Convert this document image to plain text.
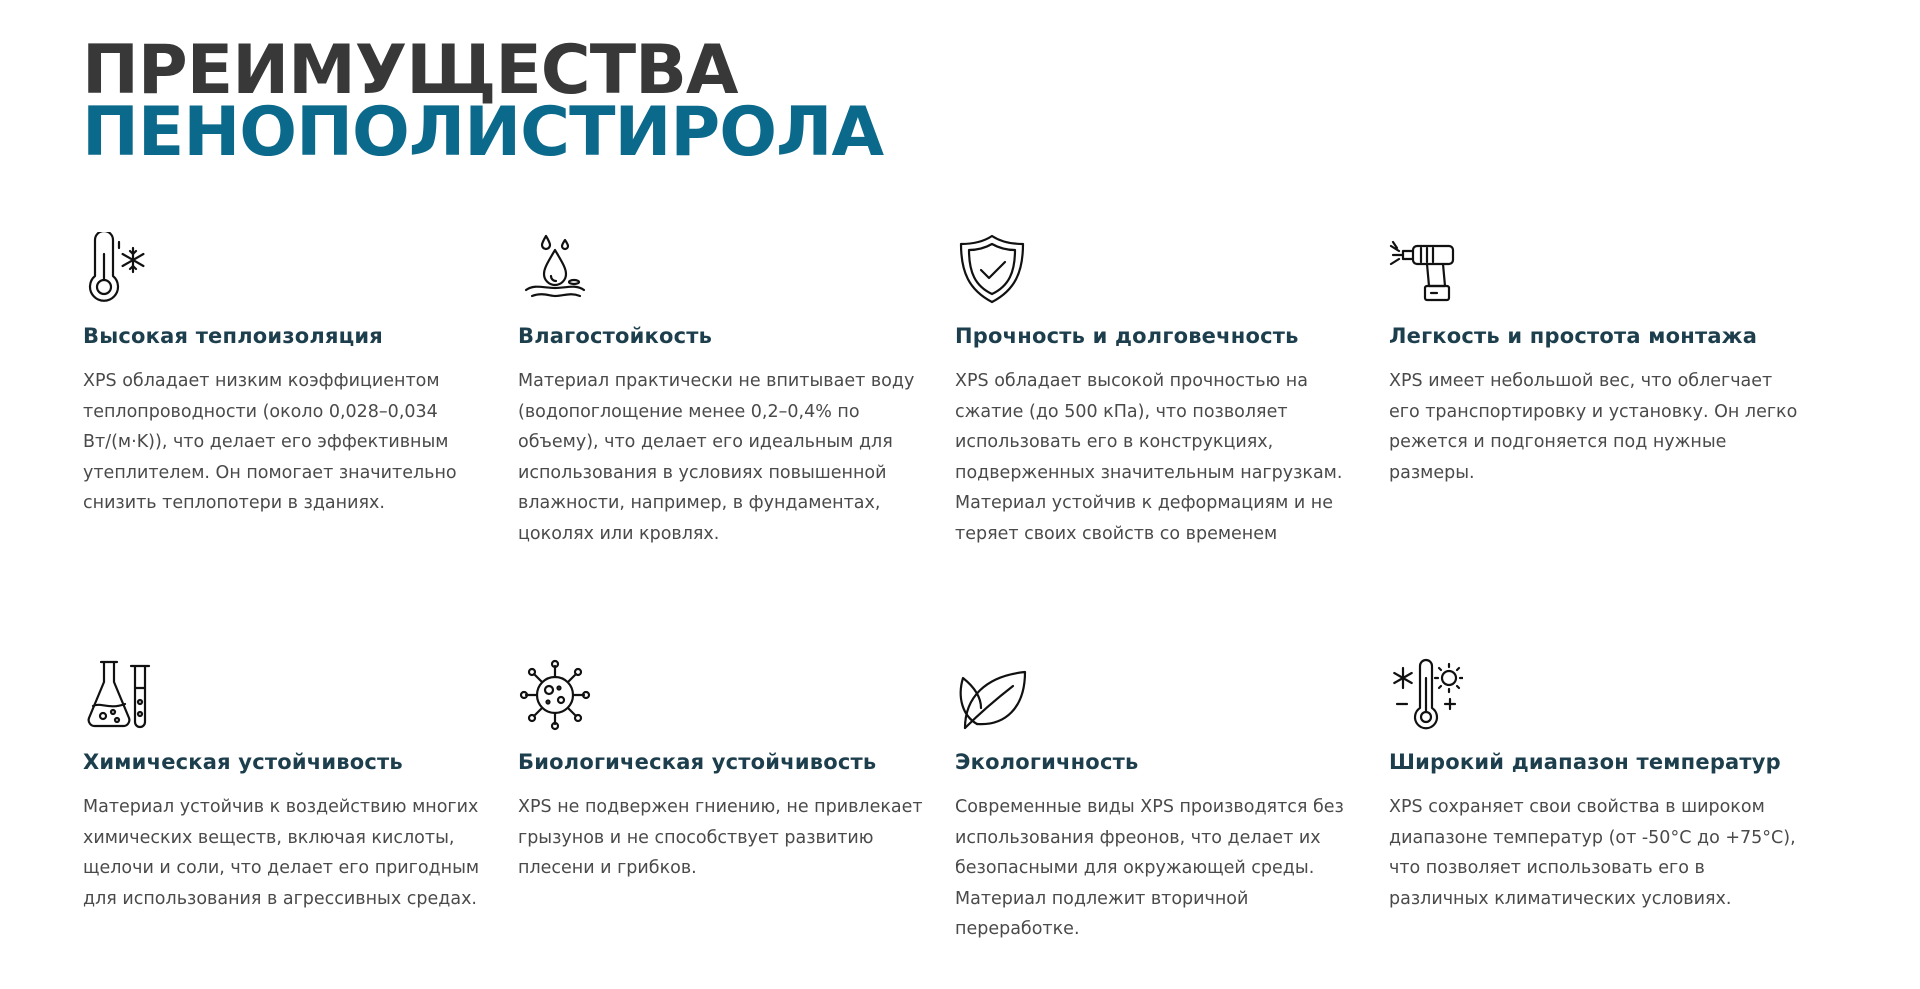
ПРЕИМУЩЕСТВА
ПЕНОПОЛИСТИРОЛА
Высокая теплоизоляция

XPS обладает низким коэффициентом теплопроводности (около 0,028–0,034 Вт/(м·K)), что делает его эффективным утеплителем. Он помогает значительно снизить теплопотери в зданиях.

Влагостойкость

Материал практически не впитывает воду (водопоглощение менее 0,2–0,4% по объему), что делает его идеальным для использования в условиях повышенной влажности, например, в фундаментах, цоколях или кровлях.

Прочность и долговечность

XPS обладает высокой прочностью на сжатие (до 500 кПа), что позволяет использовать его в конструкциях, подверженных значительным нагрузкам. Материал устойчив к деформациям и не теряет своих свойств со временем

Легкость и простота монтажа

XPS имеет небольшой вес, что облегчает его транспортировку и установку. Он легко режется и подгоняется под нужные размеры.

Химическая устойчивость

Материал устойчив к воздействию многих химических веществ, включая кислоты, щелочи и соли, что делает его пригодным для использования в агрессивных средах.

Биологическая устойчивость

XPS не подвержен гниению, не привлекает грызунов и не способствует развитию плесени и грибков.

Экологичность

Современные виды XPS производятся без использования фреонов, что делает их безопасными для окружающей среды. Материал подлежит вторичной переработке.

Широкий диапазон температур

XPS сохраняет свои свойства в широком диапазоне температур (от -50°C до +75°C), что позволяет использовать его в различных климатических условиях.
